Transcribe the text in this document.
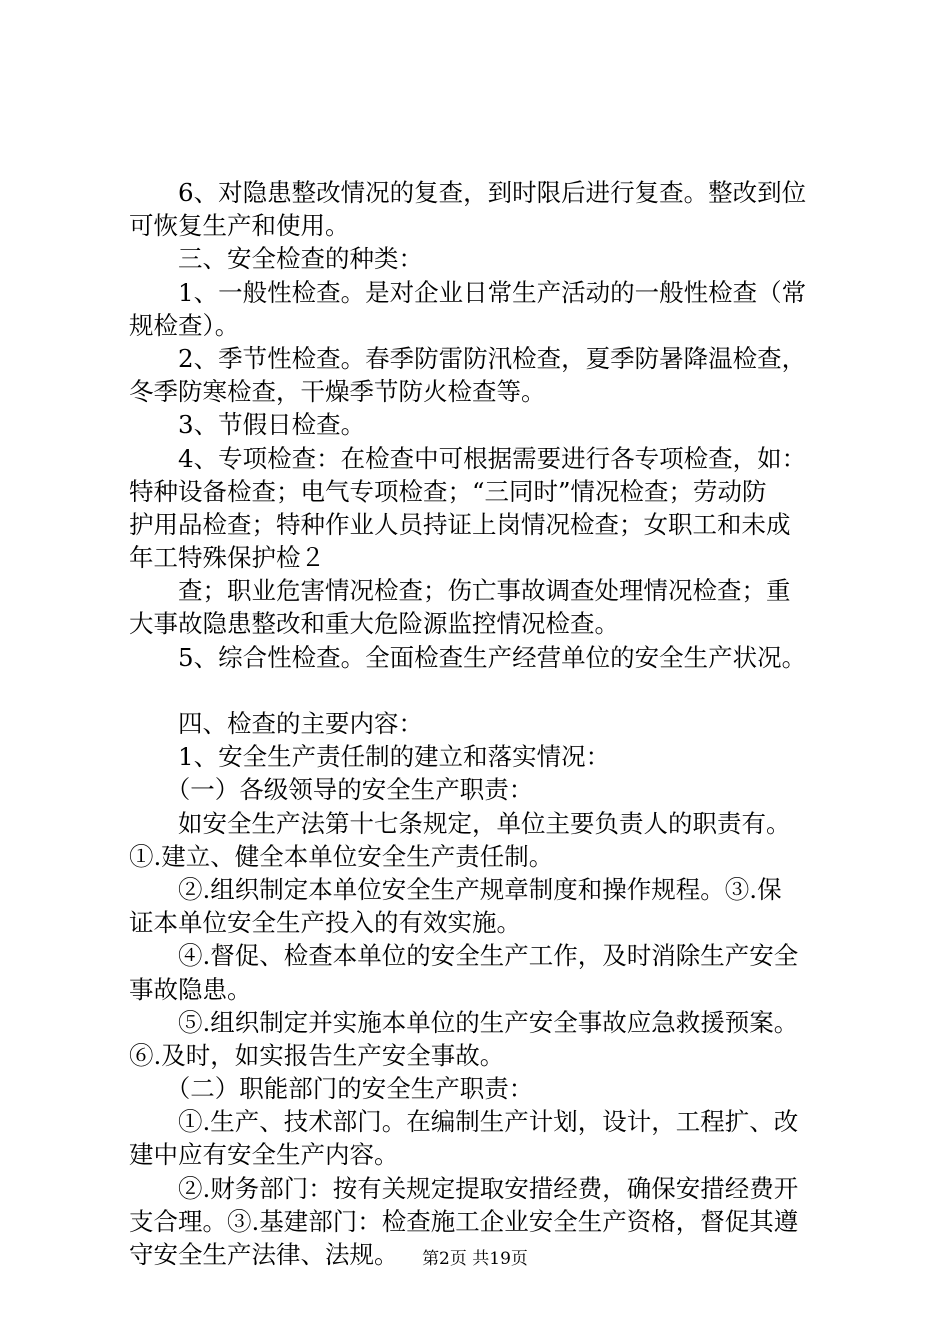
　　6、对隐患整改情况的复查，到时限后进行复查。整改到位
可恢复生产和使用。
　　三、安全检查的种类：
　　1、一般性检查。是对企业日常生产活动的一般性检查（常
规检查）。
　　2、季节性检查。春季防雷防汛检查，夏季防暑降温检查，
冬季防寒检查，干燥季节防火检查等。
　　3、节假日检查。
　　4、专项检查：在检查中可根据需要进行各专项检查，如：
特种设备检查；电气专项检查；“三同时”情况检查；劳动防
护用品检查；特种作业人员持证上岗情况检查；女职工和未成
年工特殊保护检２
　　查；职业危害情况检查；伤亡事故调查处理情况检查；重
大事故隐患整改和重大危险源监控情况检查。
　　5、综合性检查。全面检查生产经营单位的安全生产状况。
　　四、检查的主要内容：
　　1、安全生产责任制的建立和落实情况：
　　（一）各级领导的安全生产职责：
　　如安全生产法第十七条规定，单位主要负责人的职责有。
①.建立、健全本单位安全生产责任制。
　　②.组织制定本单位安全生产规章制度和操作规程。③.保
证本单位安全生产投入的有效实施。
　　④.督促、检查本单位的安全生产工作，及时消除生产安全
事故隐患。
　　⑤.组织制定并实施本单位的生产安全事故应急救援预案。
⑥.及时，如实报告生产安全事故。
　　（二）职能部门的安全生产职责：
　　①.生产、技术部门。在编制生产计划，设计，工程扩、改
建中应有安全生产内容。
　　②.财务部门：按有关规定提取安措经费，确保安措经费开
支合理。③.基建部门：检查施工企业安全生产资格，督促其遵
守安全生产法律、法规。	第2页 共19页
